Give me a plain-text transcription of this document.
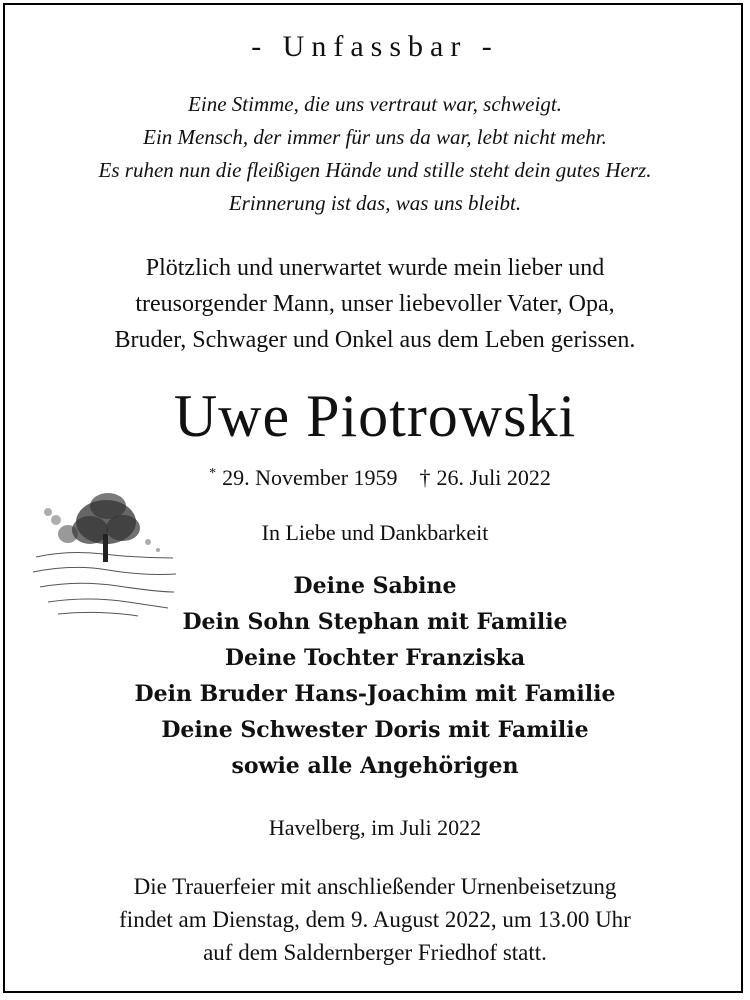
- Unfassbar -
Eine Stimme, die uns vertraut war, schweigt.
Ein Mensch, der immer für uns da war, lebt nicht mehr.
Es ruhen nun die fleißigen Hände und stille steht dein gutes Herz.
Erinnerung ist das, was uns bleibt.
Plötzlich und unerwartet wurde mein lieber und
treusorgender Mann, unser liebevoller Vater, Opa,
Bruder, Schwager und Onkel aus dem Leben gerissen.
Uwe Piotrowski
* 29. November 1959 † 26. Juli 2022
In Liebe und Dankbarkeit
Deine Sabine
Dein Sohn Stephan mit Familie
Deine Tochter Franziska
Dein Bruder Hans-Joachim mit Familie
Deine Schwester Doris mit Familie
sowie alle Angehörigen
Havelberg, im Juli 2022
Die Trauerfeier mit anschließender Urnenbeisetzung
findet am Dienstag, dem 9. August 2022, um 13.00 Uhr
auf dem Saldernberger Friedhof statt.
